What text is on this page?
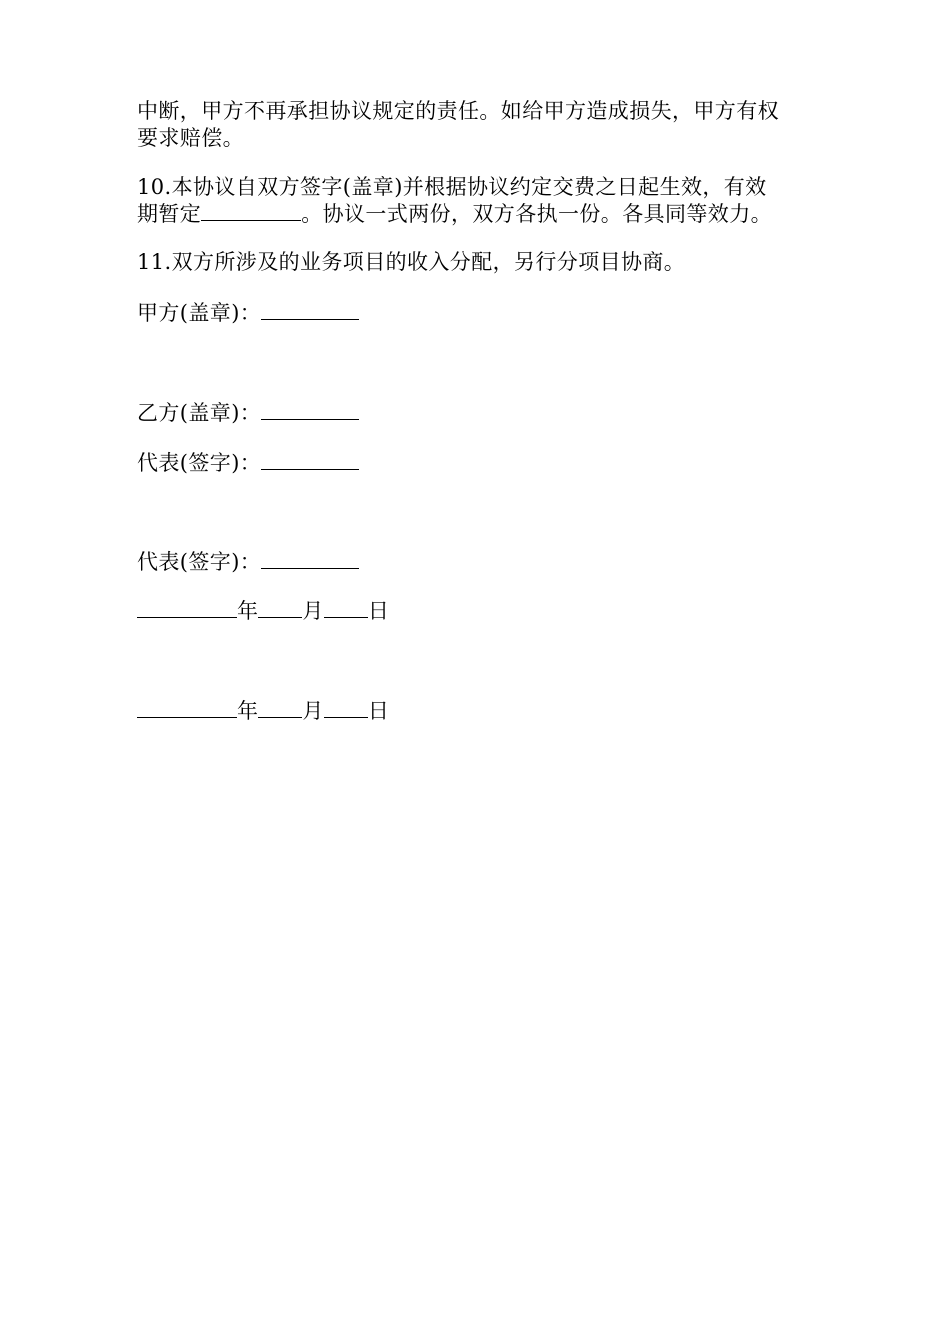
中断，甲方不再承担协议规定的责任。如给甲方造成损失，甲方有权
要求赔偿。
10.本协议自双方签字(盖章)并根据协议约定交费之日起生效，有效
期暂定	。协议一式两份，双方各执一份。各具同等效力。
11.双方所涉及的业务项目的收入分配，另行分项目协商。
甲方(盖章)：
乙方(盖章)：
代表(签字)：
代表(签字)：
年 月 日
年 月 日
